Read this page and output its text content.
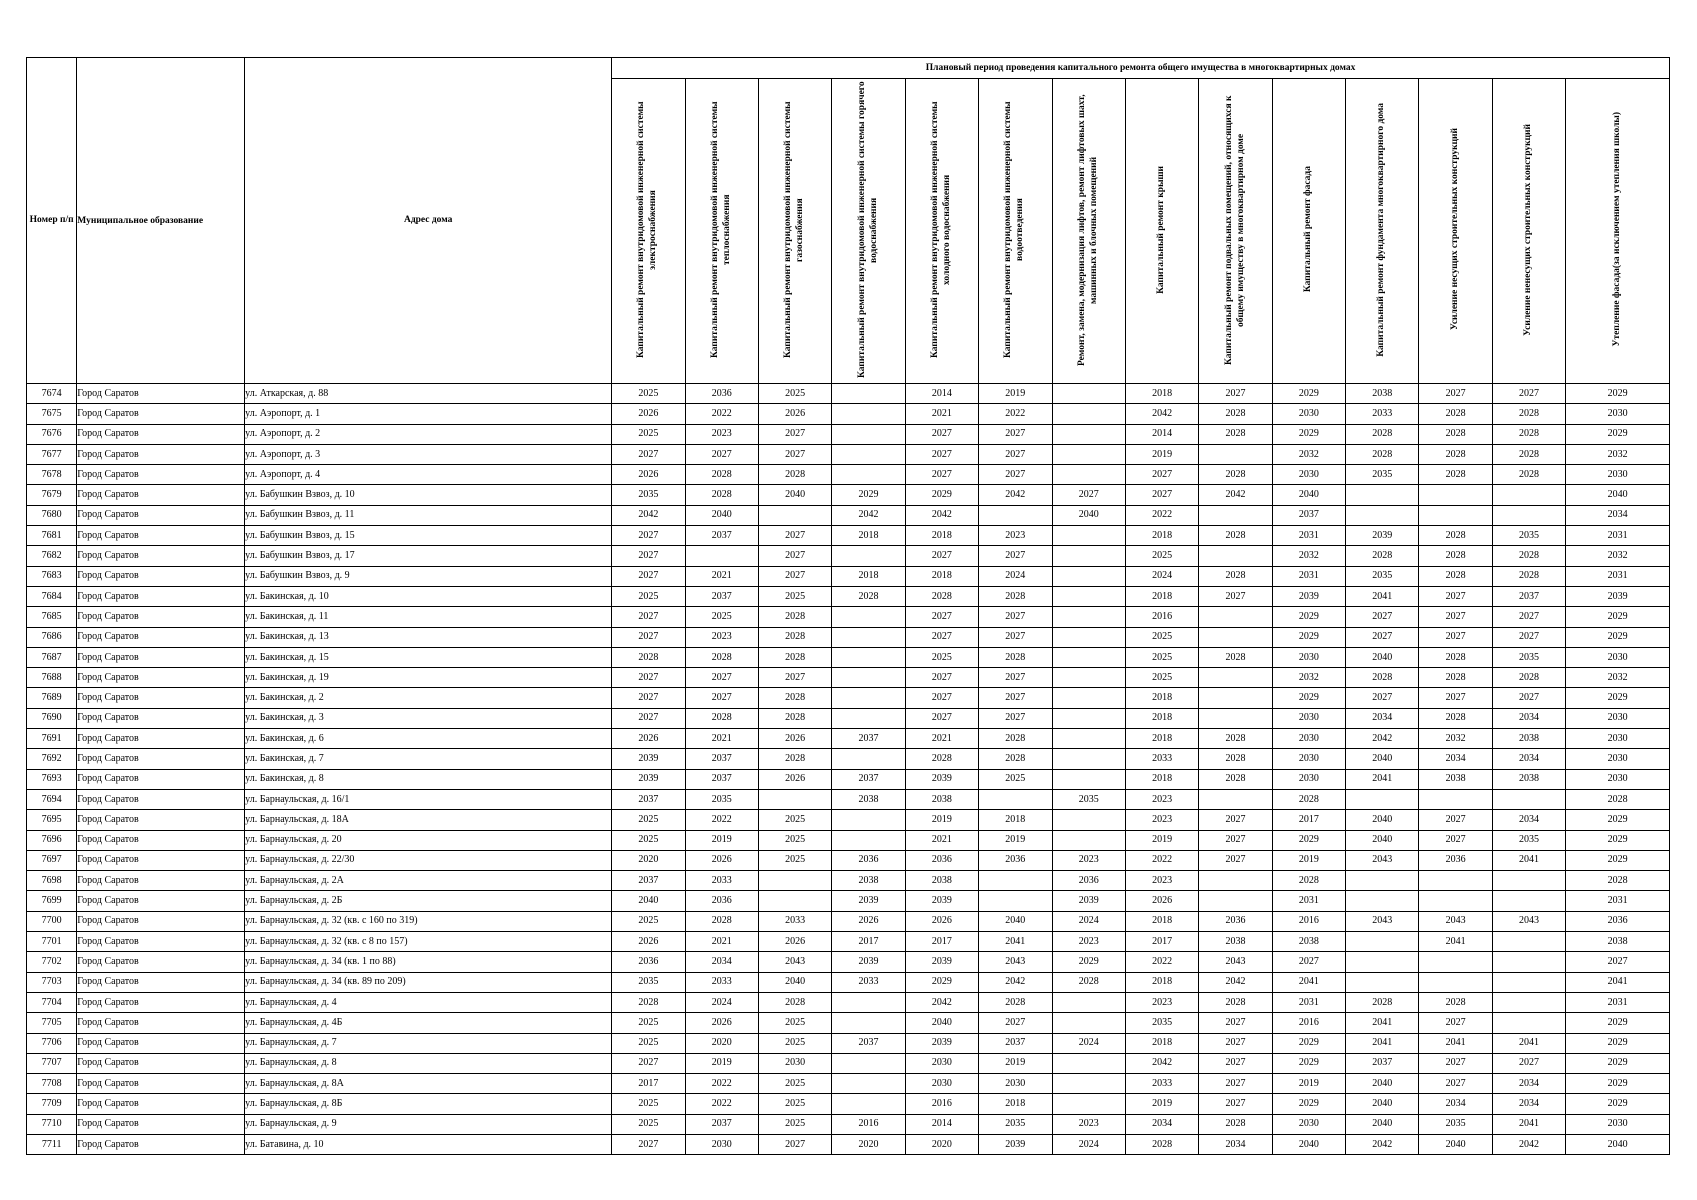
Номер п/п	Муниципальное образование	Адрес дома	Плановый период проведения капитального ремонта общего имущества в многоквартирных домах													
			Капитальный ремонт внутридомовой инженерной системы электроснабжения	Капитальный ремонт внутридомовой инженерной системы теплоснабжения	Капитальный ремонт внутридомовой инженерной системы газоснабжения	Капитальный ремонт внутридомовой инженерной системы горячего водоснабжения	Капитальный ремонт внутридомовой инженерной системы холодного водоснабжения	Капитальный ремонт внутридомовой инженерной системы водоотведения	Ремонт, замена, модернизация лифтов, ремонт лифтовых шахт, машинных и блочных помещений	Капитальный ремонт крыши	Капитальный ремонт подвальных помещений, относящихся к общему имуществу в многоквартирном доме	Капитальный ремонт фасада	Капитальный ремонт фундамента многоквартирного дома	Усиление несущих строительных конструкций	Усиление ненесущих строительных конструкций	Утепление фасада(за исключением утепления школы)
7674	Город Саратов	ул. Аткарская, д. 88	2025	2036	2025		2014	2019		2018	2027	2029	2038	2027	2027	2029
7675	Город Саратов	ул. Аэропорт, д. 1	2026	2022	2026		2021	2022		2042	2028	2030	2033	2028	2028	2030
7676	Город Саратов	ул. Аэропорт, д. 2	2025	2023	2027		2027	2027		2014	2028	2029	2028	2028	2028	2029
7677	Город Саратов	ул. Аэропорт, д. 3	2027	2027	2027		2027	2027		2019		2032	2028	2028	2028	2032
7678	Город Саратов	ул. Аэропорт, д. 4	2026	2028	2028		2027	2027		2027	2028	2030	2035	2028	2028	2030
7679	Город Саратов	ул. Бабушкин Взвоз, д. 10	2035	2028	2040	2029	2029	2042	2027	2027	2042	2040				2040
7680	Город Саратов	ул. Бабушкин Взвоз, д. 11	2042	2040		2042	2042		2040	2022		2037				2034
7681	Город Саратов	ул. Бабушкин Взвоз, д. 15	2027	2037	2027	2018	2018	2023		2018	2028	2031	2039	2028	2035	2031
7682	Город Саратов	ул. Бабушкин Взвоз, д. 17	2027		2027		2027	2027		2025		2032	2028	2028	2028	2032
7683	Город Саратов	ул. Бабушкин Взвоз, д. 9	2027	2021	2027	2018	2018	2024		2024	2028	2031	2035	2028	2028	2031
7684	Город Саратов	ул. Бакинская, д. 10	2025	2037	2025	2028	2028	2028		2018	2027	2039	2041	2027	2037	2039
7685	Город Саратов	ул. Бакинская, д. 11	2027	2025	2028		2027	2027		2016		2029	2027	2027	2027	2029
7686	Город Саратов	ул. Бакинская, д. 13	2027	2023	2028		2027	2027		2025		2029	2027	2027	2027	2029
7687	Город Саратов	ул. Бакинская, д. 15	2028	2028	2028		2025	2028		2025	2028	2030	2040	2028	2035	2030
7688	Город Саратов	ул. Бакинская, д. 19	2027	2027	2027		2027	2027		2025		2032	2028	2028	2028	2032
7689	Город Саратов	ул. Бакинская, д. 2	2027	2027	2028		2027	2027		2018		2029	2027	2027	2027	2029
7690	Город Саратов	ул. Бакинская, д. 3	2027	2028	2028		2027	2027		2018		2030	2034	2028	2034	2030
7691	Город Саратов	ул. Бакинская, д. 6	2026	2021	2026	2037	2021	2028		2018	2028	2030	2042	2032	2038	2030
7692	Город Саратов	ул. Бакинская, д. 7	2039	2037	2028		2028	2028		2033	2028	2030	2040	2034	2034	2030
7693	Город Саратов	ул. Бакинская, д. 8	2039	2037	2026	2037	2039	2025		2018	2028	2030	2041	2038	2038	2030
7694	Город Саратов	ул. Барнаульская, д. 16/1	2037	2035		2038	2038		2035	2023		2028				2028
7695	Город Саратов	ул. Барнаульская, д. 18А	2025	2022	2025		2019	2018		2023	2027	2017	2040	2027	2034	2029
7696	Город Саратов	ул. Барнаульская, д. 20	2025	2019	2025		2021	2019		2019	2027	2029	2040	2027	2035	2029
7697	Город Саратов	ул. Барнаульская, д. 22/30	2020	2026	2025	2036	2036	2036	2023	2022	2027	2019	2043	2036	2041	2029
7698	Город Саратов	ул. Барнаульская, д. 2А	2037	2033		2038	2038		2036	2023		2028				2028
7699	Город Саратов	ул. Барнаульская, д. 2Б	2040	2036		2039	2039		2039	2026		2031				2031
7700	Город Саратов	ул. Барнаульская, д. 32 (кв. с 160 по 319)	2025	2028	2033	2026	2026	2040	2024	2018	2036	2016	2043	2043	2043	2036
7701	Город Саратов	ул. Барнаульская, д. 32 (кв. с 8 по 157)	2026	2021	2026	2017	2017	2041	2023	2017	2038	2038		2041		2038
7702	Город Саратов	ул. Барнаульская, д. 34 (кв. 1 по 88)	2036	2034	2043	2039	2039	2043	2029	2022	2043	2027				2027
7703	Город Саратов	ул. Барнаульская, д. 34 (кв. 89 по 209)	2035	2033	2040	2033	2029	2042	2028	2018	2042	2041				2041
7704	Город Саратов	ул. Барнаульская, д. 4	2028	2024	2028		2042	2028		2023	2028	2031	2028	2028		2031
7705	Город Саратов	ул. Барнаульская, д. 4Б	2025	2026	2025		2040	2027		2035	2027	2016	2041	2027		2029
7706	Город Саратов	ул. Барнаульская, д. 7	2025	2020	2025	2037	2039	2037	2024	2018	2027	2029	2041	2041	2041	2029
7707	Город Саратов	ул. Барнаульская, д. 8	2027	2019	2030		2030	2019		2042	2027	2029	2037	2027	2027	2029
7708	Город Саратов	ул. Барнаульская, д. 8А	2017	2022	2025		2030	2030		2033	2027	2019	2040	2027	2034	2029
7709	Город Саратов	ул. Барнаульская, д. 8Б	2025	2022	2025		2016	2018		2019	2027	2029	2040	2034	2034	2029
7710	Город Саратов	ул. Барнаульская, д. 9	2025	2037	2025	2016	2014	2035	2023	2034	2028	2030	2040	2035	2041	2030
7711	Город Саратов	ул. Батавина, д. 10	2027	2030	2027	2020	2020	2039	2024	2028	2034	2040	2042	2040	2042	2040
